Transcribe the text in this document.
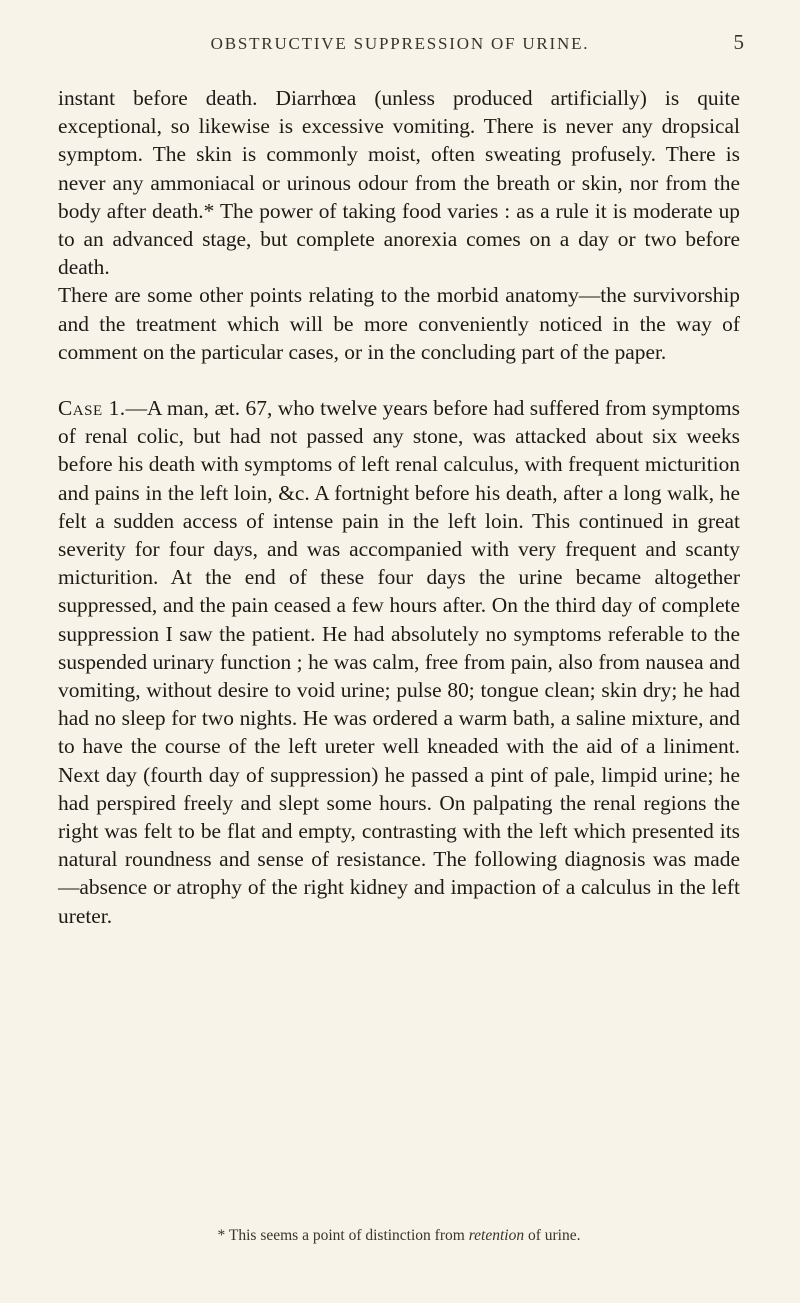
OBSTRUCTIVE SUPPRESSION OF URINE.	5

instant before death. Diarrhœa (unless produced artificially) is quite exceptional, so likewise is excessive vomiting. There is never any dropsical symptom. The skin is commonly moist, often sweating profusely. There is never any ammoniacal or urinous odour from the breath or skin, nor from the body after death.* The power of taking food varies : as a rule it is moderate up to an advanced stage, but complete anorexia comes on a day or two before death.

There are some other points relating to the morbid anatomy—the survivorship and the treatment which will be more conveniently noticed in the way of comment on the particular cases, or in the concluding part of the paper.

Case 1.—A man, æt. 67, who twelve years before had suffered from symptoms of renal colic, but had not passed any stone, was attacked about six weeks before his death with symptoms of left renal calculus, with frequent micturition and pains in the left loin, &c. A fortnight before his death, after a long walk, he felt a sudden access of intense pain in the left loin. This continued in great severity for four days, and was accompanied with very frequent and scanty micturition. At the end of these four days the urine became altogether suppressed, and the pain ceased a few hours after. On the third day of complete suppression I saw the patient. He had absolutely no symptoms referable to the suspended urinary function ; he was calm, free from pain, also from nausea and vomiting, without desire to void urine; pulse 80; tongue clean; skin dry; he had had no sleep for two nights. He was ordered a warm bath, a saline mixture, and to have the course of the left ureter well kneaded with the aid of a liniment. Next day (fourth day of suppression) he passed a pint of pale, limpid urine; he had perspired freely and slept some hours. On palpating the renal regions the right was felt to be flat and empty, contrasting with the left which presented its natural roundness and sense of resistance. The following diagnosis was made—absence or atrophy of the right kidney and impaction of a calculus in the left ureter.

* This seems a point of distinction from retention of urine.
